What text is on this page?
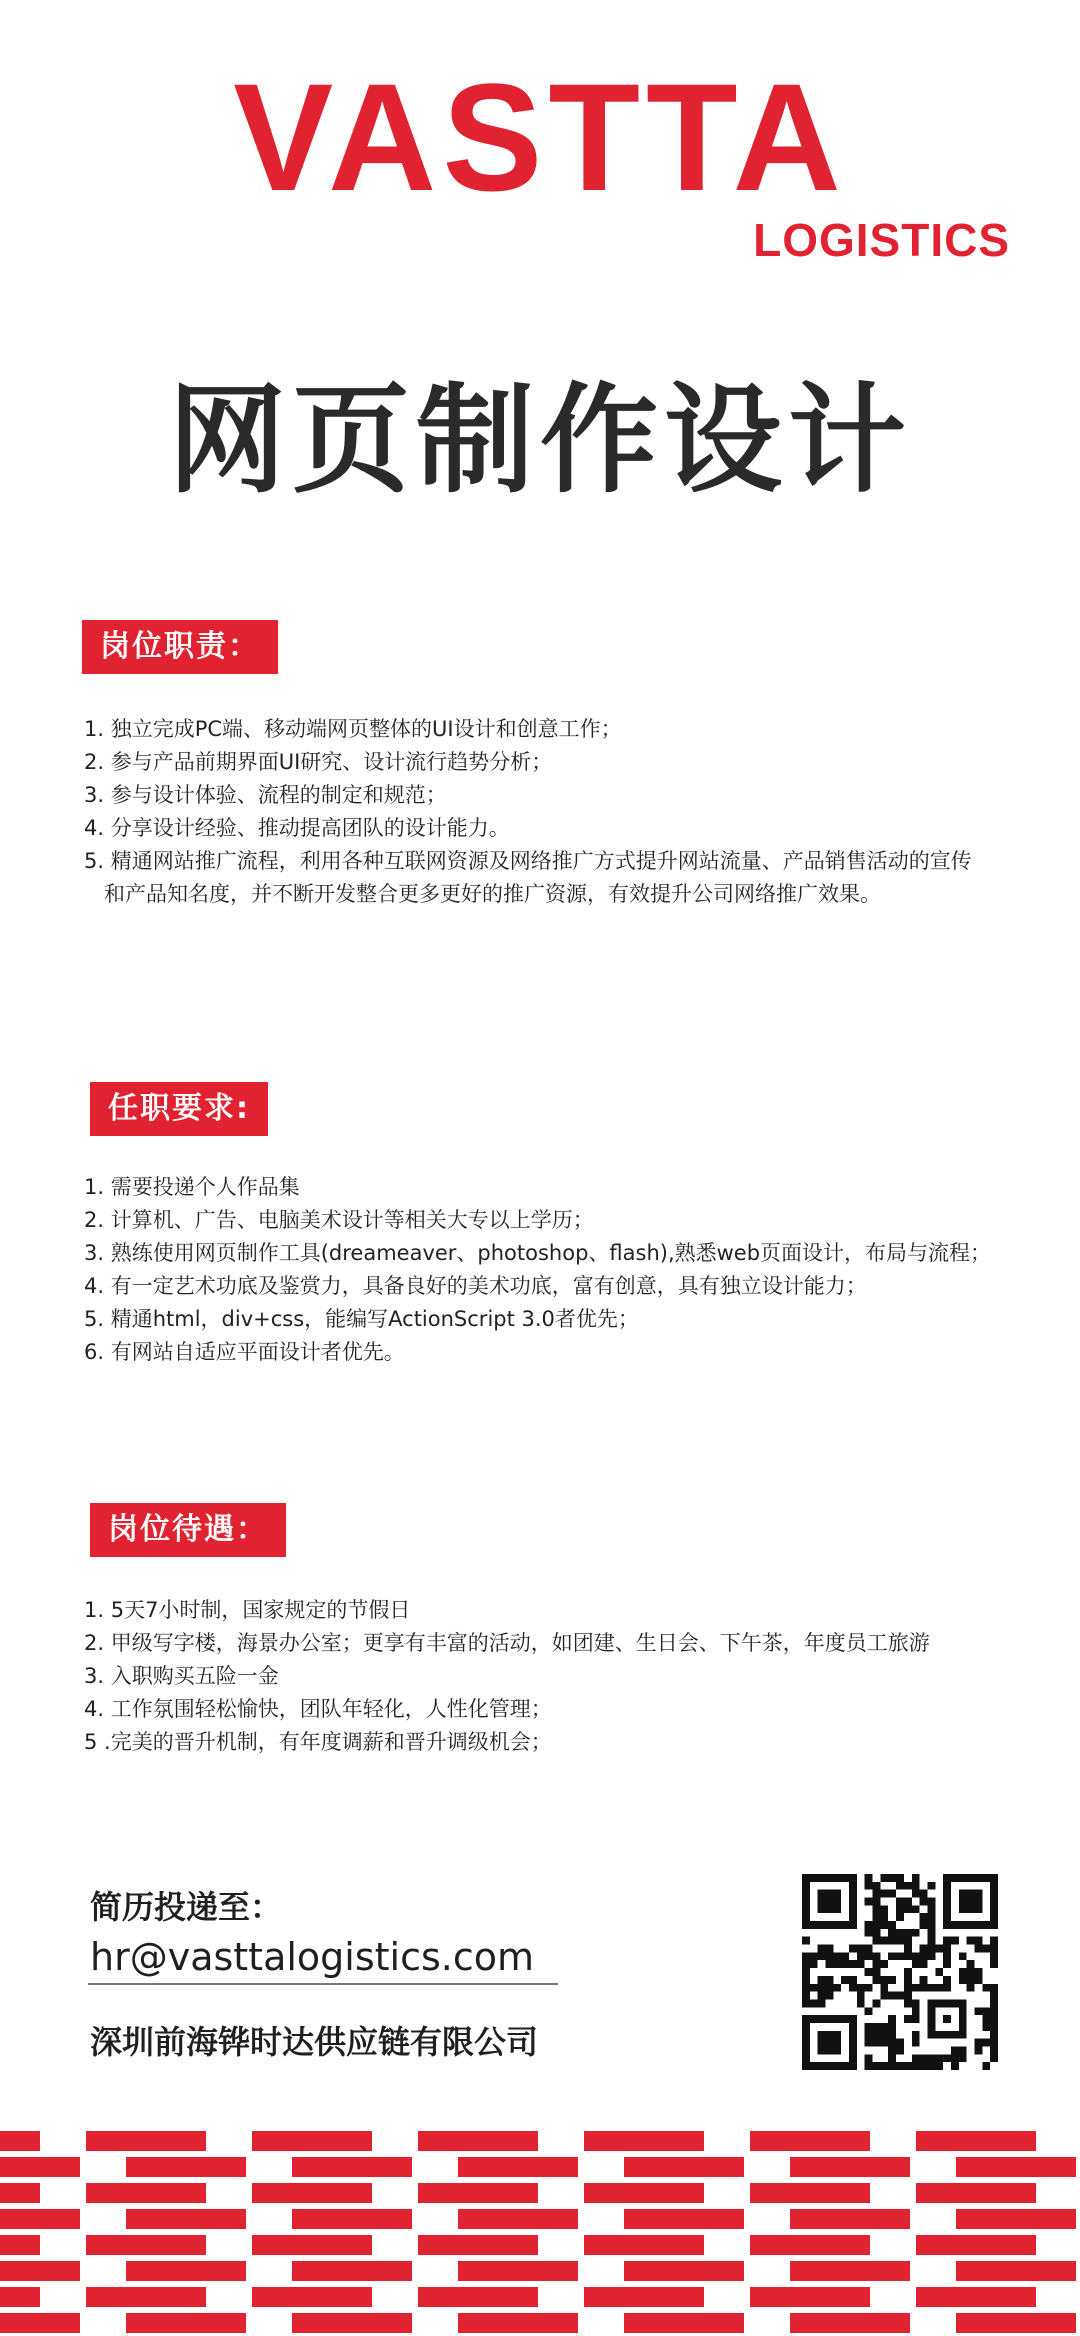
VASTTA
LOGISTICS
网页制作设计
岗位职责：
1. 独立完成PC端、移动端网页整体的UI设计和创意工作；
2. 参与产品前期界面UI研究、设计流行趋势分析；
3. 参与设计体验、流程的制定和规范；
4. 分享设计经验、推动提高团队的设计能力。
5. 精通网站推广流程，利用各种互联网资源及网络推广方式提升网站流量、产品销售活动的宣传
和产品知名度，并不断开发整合更多更好的推广资源，有效提升公司网络推广效果。
任职要求:
1. 需要投递个人作品集
2. 计算机、广告、电脑美术设计等相关大专以上学历；
3. 熟练使用网页制作工具(dreameaver、photoshop、flash),熟悉web页面设计，布局与流程；
4. 有一定艺术功底及鉴赏力，具备良好的美术功底，富有创意，具有独立设计能力；
5. 精通html，div+css，能编写ActionScript 3.0者优先；
6. 有网站自适应平面设计者优先。
岗位待遇：
1. 5天7小时制，国家规定的节假日
2. 甲级写字楼，海景办公室；更享有丰富的活动，如团建、生日会、下午茶，年度员工旅游
3. 入职购买五险一金
4. 工作氛围轻松愉快，团队年轻化，人性化管理；
5 .完美的晋升机制，有年度调薪和晋升调级机会；
简历投递至：
hr@vasttalogistics.com
深圳前海铧时达供应链有限公司
